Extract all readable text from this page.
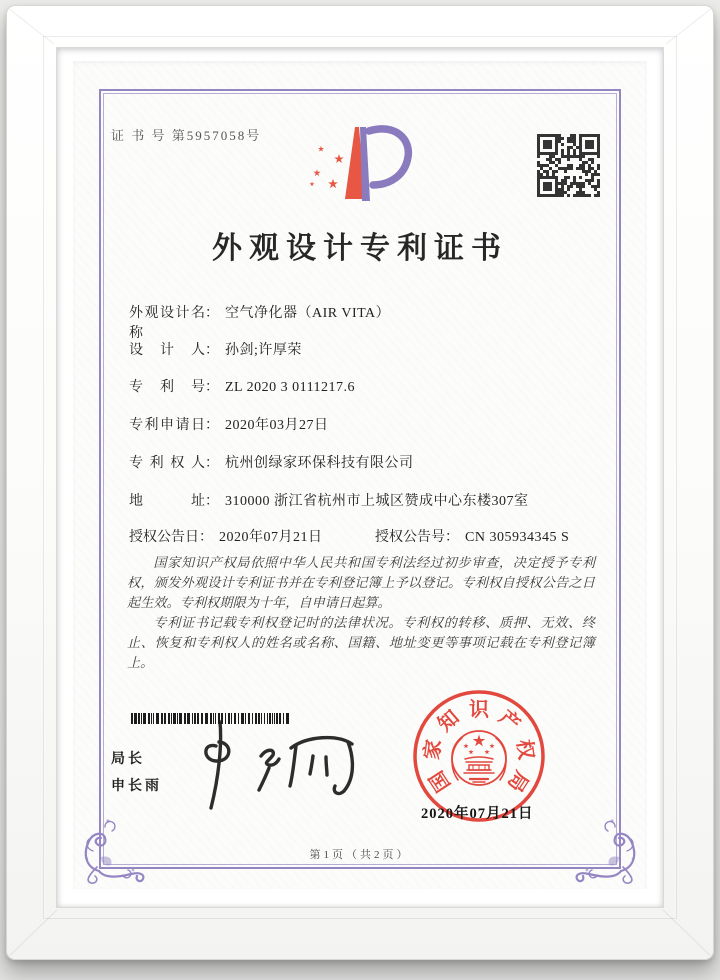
证 书 号 第5957058号
外观设计专利证书
外观设计名称： 空气净化器（AIR VITA）
设计人： 孙剑;许厚荣
专利号： ZL 2020 3 0111217.6
专利申请日： 2020年03月27日
专利权人： 杭州创绿家环保科技有限公司
地址： 310000 浙江省杭州市上城区赞成中心东楼307室
授权公告日： 2020年07月21日	授权公告号： CN 305934345 S

国家知识产权局依照中华人民共和国专利法经过初步审查，决定授予专利权，颁发外观设计专利证书并在专利登记簿上予以登记。专利权自授权公告之日起生效。专利权期限为十年，自申请日起算。

专利证书记载专利权登记时的法律状况。专利权的转移、质押、无效、终止、恢复和专利权人的姓名或名称、国籍、地址变更等事项记载在专利登记簿上。

局长
申长雨	国
家
知 识 产
权
局
2020年07月21日
第1页（共2页）
